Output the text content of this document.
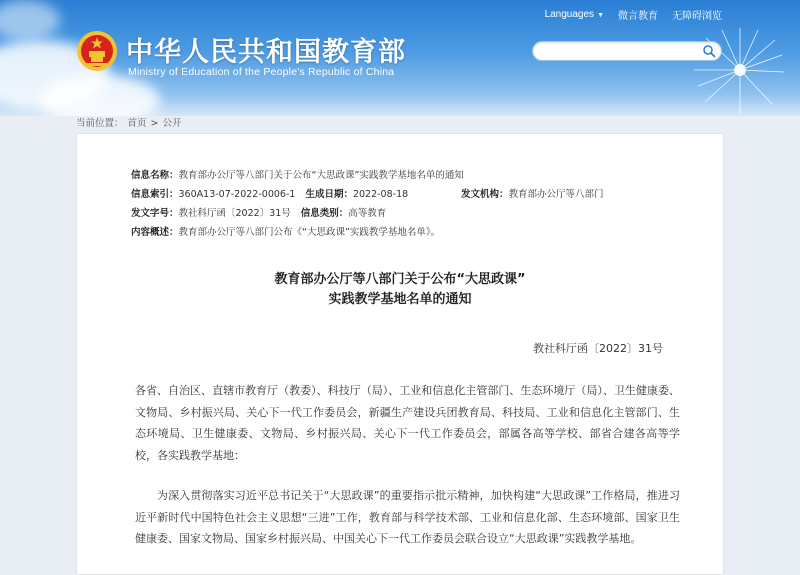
中华人民共和国教育部
Ministry of Education of the People's Republic of China
Languages ▼ 微言教育 无障碍浏览
当前位置： 首页 > 公开
信息名称：教育部办公厅等八部门关于公布“大思政课”实践教学基地名单的通知
信息索引：360A13-07-2022-0006-1 生成日期：2022-08-18	发文机构：教育部办公厅等八部门
发文字号：教社科厅函〔2022〕31号 信息类别：高等教育
内容概述：教育部办公厅等八部门公布《“大思政课”实践教学基地名单》。
教育部办公厅等八部门关于公布“大思政课”
实践教学基地名单的通知
教社科厅函〔2022〕31号

各省、自治区、直辖市教育厅（教委）、科技厅（局）、工业和信息化主管部门、生态环境厅（局）、卫生健康委、文物局、乡村振兴局、关心下一代工作委员会，新疆生产建设兵团教育局、科技局、工业和信息化主管部门、生态环境局、卫生健康委、文物局、乡村振兴局、关心下一代工作委员会，部属各高等学校、部省合建各高等学校，各实践教学基地：

为深入贯彻落实习近平总书记关于“大思政课”的重要指示批示精神，加快构建“大思政课”工作格局，推进习近平新时代中国特色社会主义思想“三进”工作，教育部与科学技术部、工业和信息化部、生态环境部、国家卫生健康委、国家文物局、国家乡村振兴局、中国关心下一代工作委员会联合设立“大思政课”实践教学基地。
